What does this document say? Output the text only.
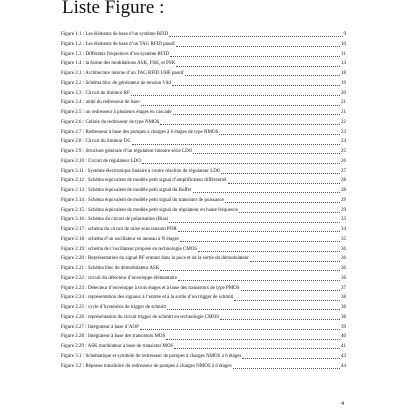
Liste Figure :
Figure 1.1 : Les éléments de base d’un système RFID	9
Figure 1.2 : Les éléments de base d’un TAG RFID passif	10
Figure 1.3 : Différents fréquences d’un système RFID	11
Figure 1.4 : la forme des modulations ASK, FSK, et PSK	13
Figure 2.1 : Architecture interne d’un TAG RFID UHF passif	18
Figure 2.2 : Schéma bloc de générateur de tension Vdd	19
Figure 2.3 : Circuit de limiteur RF	20
Figure 2.4 : unité du redresseur de base	21
Figure 2.5 : un redresseur à plusieurs étages en cascade	21
Figure 2.6 : Cellule du redresseur de type NMOS	22
Figure 2.7 : Redresseur à base des pompes à charges à 6 étages de type NMOS	23
Figure 2.8 : Circuit du limiteur DC	24
Figure 2.9 : Structure générale d’un régulateur linéaire série LDO	25
Figure 2.10 : Circuit de régulateur LDO	26
Figure 2.11 : Système électronique linéaire à contre réaction de régulateur LDO	27
Figure 2.12 : Schéma équivalent de modèle petit signal d’amplificateur différentiel	28
Figure 2.13 : Schéma équivalent de modèle petit signal du Buffer	28
Figure 2.14 : Schéma équivalent de modèle petit signal du transistor de puissance	29
Figure 2.15 : Schéma équivalent de modèle petit signal du régulateur en haute fréquence	29
Figure 2.16 : Schéma du circuit de polarisation (Bias)	33
Figure 2.17 : schéma du circuit de mise sous tension POR	34
Figure 2.18 : schéma d’un oscillateur en anneau à N étages	35
Figure 2.19 : schéma de l’oscillateur proposé en technologie CMOS	36
Figure 2.20 : Représentation du signal RF entrant dans la puce et de la sortie du démodulateur	36
Figure 2.21 : Schéma bloc de démodulateur ASK	36
Figure 2.22 : circuit du détecteur d’enveloppe élémentaire	36
Figure 2.23 : Détecteur d’enveloppe à trois étages et à base des transistors de type PMOS	37
Figure 2.24 : représentation des signaux à l’entrée et à la sortie d’un trigger de schmitt	38
Figure 2.25 : cycle d’hystérésis de trigger de schmitt	38
Figure 2.26 : représentation du circuit trigger de schmitt en technologie CMOS	38
Figure 2.27 : Intégrateur à base d’AOP	39
Figure 2.28 : Intégrateur à base des transistors MOS	40
Figure 2.29 : ASK modulateur à base de transistor MOS	41
Figure 3.1 : Schématique et symbole de redresseur de pompes à charges NMOS à 6 étages	43
Figure 3.2 : Réponse transitoire du redresseur de pompes à charges NMOS à 6 étages	44
4
